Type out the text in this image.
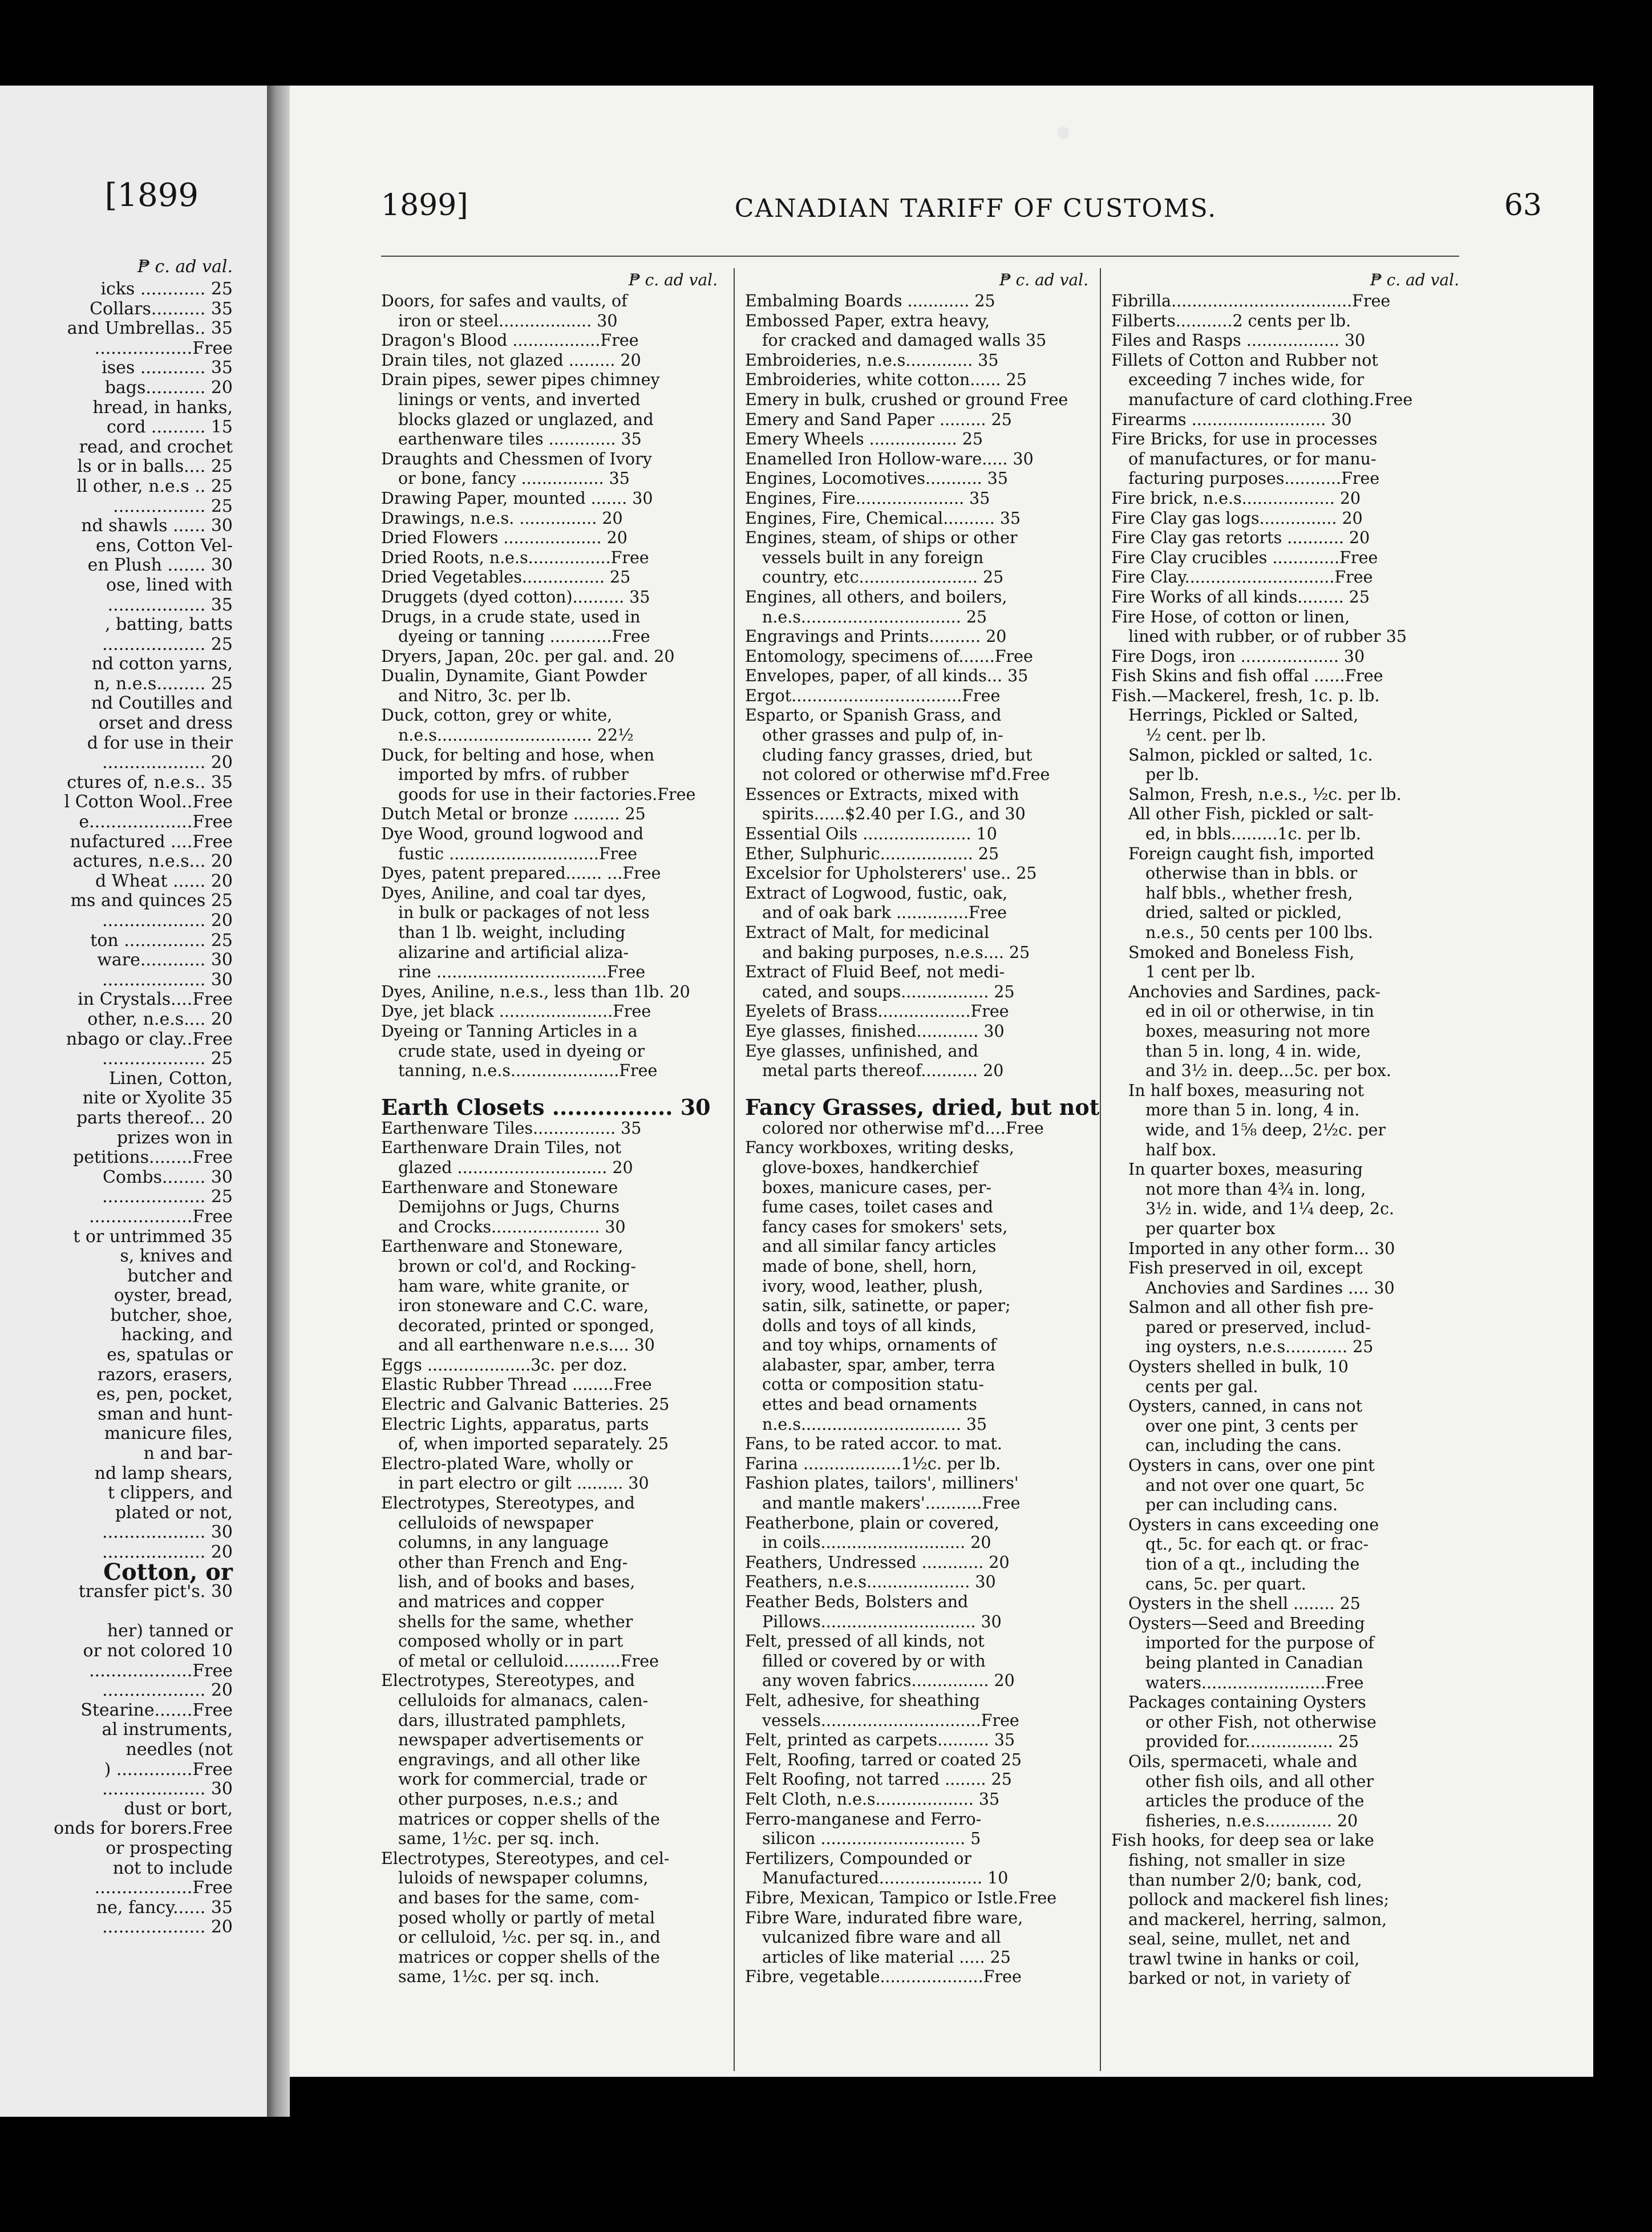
[1899
₱ c. ad val.
icks ............ 25
Collars.......... 35
and Umbrellas.. 35
..................Free
ises ............ 35
bags........... 20
hread, in hanks,
cord .......... 15
read, and crochet
ls or in balls.... 25
ll other, n.e.s .. 25
................. 25
nd shawls ...... 30
ens, Cotton Vel-
en Plush ....... 30
ose, lined with
.................. 35
, batting, batts
................... 25
nd cotton yarns,
n, n.e.s......... 25
nd Coutilles and
orset and dress
d for use in their
................... 20
ctures of, n.e.s.. 35
l Cotton Wool..Free
e...................Free
nufactured ....Free
actures, n.e.s... 20
d Wheat ...... 20
ms and quinces 25
................... 20
ton ............... 25
ware............ 30
................... 30
in Crystals....Free
other, n.e.s.... 20
nbago or clay..Free
................... 25
Linen, Cotton,
nite or Xyolite 35
parts thereof... 20
prizes won in
petitions........Free
Combs........ 30
................... 25
...................Free
t or untrimmed 35
s, knives and
butcher and
oyster, bread,
butcher, shoe,
hacking, and
es, spatulas or
razors, erasers,
es, pen, pocket,
sman and hunt-
manicure files,
n and bar-
nd lamp shears,
t clippers, and
plated or not,
................... 30
................... 20
Cotton, or
transfer pict's. 30

her) tanned or
or not colored 10
...................Free
................... 20
Stearine.......Free
al instruments,
needles (not
) ..............Free
................... 30
dust or bort,
onds for borers.Free
or prospecting
not to include
..................Free
ne, fancy...... 35
................... 20
1899]	CANADIAN TARIFF OF CUSTOMS.	63
₱ c. ad val.
Doors, for safes and vaults, of
iron or steel.................. 30
Dragon's Blood .................Free
Drain tiles, not glazed ......... 20
Drain pipes, sewer pipes chimney
linings or vents, and inverted
blocks glazed or unglazed, and
earthenware tiles ............. 35
Draughts and Chessmen of Ivory
or bone, fancy ................ 35
Drawing Paper, mounted ....... 30
Drawings, n.e.s. ............... 20
Dried Flowers ................... 20
Dried Roots, n.e.s................Free
Dried Vegetables................ 25
Druggets (dyed cotton).......... 35
Drugs, in a crude state, used in
dyeing or tanning ............Free
Dryers, Japan, 20c. per gal. and. 20
Dualin, Dynamite, Giant Powder
and Nitro, 3c. per lb.
Duck, cotton, grey or white,
n.e.s.............................. 22½
Duck, for belting and hose, when
imported by mfrs. of rubber
goods for use in their factories.Free
Dutch Metal or bronze ......... 25
Dye Wood, ground logwood and
fustic .............................Free
Dyes, patent prepared....... ...Free
Dyes, Aniline, and coal tar dyes,
in bulk or packages of not less
than 1 lb. weight, including
alizarine and artificial aliza-
rine .................................Free
Dyes, Aniline, n.e.s., less than 1lb. 20
Dye, jet black ......................Free
Dyeing or Tanning Articles in a
crude state, used in dyeing or
tanning, n.e.s.....................Free
Earth Closets ................ 30
Earthenware Tiles................ 35
Earthenware Drain Tiles, not
glazed ............................. 20
Earthenware and Stoneware
Demijohns or Jugs, Churns
and Crocks..................... 30
Earthenware and Stoneware,
brown or col'd, and Rocking-
ham ware, white granite, or
iron stoneware and C.C. ware,
decorated, printed or sponged,
and all earthenware n.e.s.... 30
Eggs ....................3c. per doz.
Elastic Rubber Thread ........Free
Electric and Galvanic Batteries. 25
Electric Lights, apparatus, parts
of, when imported separately. 25
Electro-plated Ware, wholly or
in part electro or gilt ......... 30
Electrotypes, Stereotypes, and
celluloids of newspaper
columns, in any language
other than French and Eng-
lish, and of books and bases,
and matrices and copper
shells for the same, whether
composed wholly or in part
of metal or celluloid...........Free
Electrotypes, Stereotypes, and
celluloids for almanacs, calen-
dars, illustrated pamphlets,
newspaper advertisements or
engravings, and all other like
work for commercial, trade or
other purposes, n.e.s.; and
matrices or copper shells of the
same, 1½c. per sq. inch.
Electrotypes, Stereotypes, and cel-
luloids of newspaper columns,
and bases for the same, com-
posed wholly or partly of metal
or celluloid, ½c. per sq. in., and
matrices or copper shells of the
same, 1½c. per sq. inch.
₱ c. ad val.
Embalming Boards ............ 25
Embossed Paper, extra heavy,
for cracked and damaged walls 35
Embroideries, n.e.s............. 35
Embroideries, white cotton...... 25
Emery in bulk, crushed or ground Free
Emery and Sand Paper ......... 25
Emery Wheels ................. 25
Enamelled Iron Hollow-ware..... 30
Engines, Locomotives........... 35
Engines, Fire..................... 35
Engines, Fire, Chemical.......... 35
Engines, steam, of ships or other
vessels built in any foreign
country, etc....................... 25
Engines, all others, and boilers,
n.e.s............................... 25
Engravings and Prints.......... 20
Entomology, specimens of.......Free
Envelopes, paper, of all kinds... 35
Ergot.................................Free
Esparto, or Spanish Grass, and
other grasses and pulp of, in-
cluding fancy grasses, dried, but
not colored or otherwise mf'd.Free
Essences or Extracts, mixed with
spirits......$2.40 per I.G., and 30
Essential Oils ..................... 10
Ether, Sulphuric.................. 25
Excelsior for Upholsterers' use.. 25
Extract of Logwood, fustic, oak,
and of oak bark ..............Free
Extract of Malt, for medicinal
and baking purposes, n.e.s.... 25
Extract of Fluid Beef, not medi-
cated, and soups................. 25
Eyelets of Brass..................Free
Eye glasses, finished............ 30
Eye glasses, unfinished, and
metal parts thereof........... 20
Fancy Grasses, dried, but not
colored nor otherwise mf'd....Free
Fancy workboxes, writing desks,
glove-boxes, handkerchief
boxes, manicure cases, per-
fume cases, toilet cases and
fancy cases for smokers' sets,
and all similar fancy articles
made of bone, shell, horn,
ivory, wood, leather, plush,
satin, silk, satinette, or paper;
dolls and toys of all kinds,
and toy whips, ornaments of
alabaster, spar, amber, terra
cotta or composition statu-
ettes and bead ornaments
n.e.s............................... 35
Fans, to be rated accor. to mat.
Farina ...................1½c. per lb.
Fashion plates, tailors', milliners'
and mantle makers'...........Free
Featherbone, plain or covered,
in coils............................ 20
Feathers, Undressed ............ 20
Feathers, n.e.s.................... 30
Feather Beds, Bolsters and
Pillows.............................. 30
Felt, pressed of all kinds, not
filled or covered by or with
any woven fabrics............... 20
Felt, adhesive, for sheathing
vessels...............................Free
Felt, printed as carpets.......... 35
Felt, Roofing, tarred or coated 25
Felt Roofing, not tarred ........ 25
Felt Cloth, n.e.s................... 35
Ferro-manganese and Ferro-
silicon ............................ 5
Fertilizers, Compounded or
Manufactured.................... 10
Fibre, Mexican, Tampico or Istle.Free
Fibre Ware, indurated fibre ware,
vulcanized fibre ware and all
articles of like material ..... 25
Fibre, vegetable....................Free
₱ c. ad val.
Fibrilla...................................Free
Filberts...........2 cents per lb.
Files and Rasps .................. 30
Fillets of Cotton and Rubber not
exceeding 7 inches wide, for
manufacture of card clothing.Free
Firearms .......................... 30
Fire Bricks, for use in processes
of manufactures, or for manu-
facturing purposes...........Free
Fire brick, n.e.s.................. 20
Fire Clay gas logs............... 20
Fire Clay gas retorts ........... 20
Fire Clay crucibles .............Free
Fire Clay.............................Free
Fire Works of all kinds......... 25
Fire Hose, of cotton or linen,
lined with rubber, or of rubber 35
Fire Dogs, iron ................... 30
Fish Skins and fish offal ......Free
Fish.—Mackerel, fresh, 1c. p. lb.
Herrings, Pickled or Salted,
½ cent. per lb.
Salmon, pickled or salted, 1c.
per lb.
Salmon, Fresh, n.e.s., ½c. per lb.
All other Fish, pickled or salt-
ed, in bbls.........1c. per lb.
Foreign caught fish, imported
otherwise than in bbls. or
half bbls., whether fresh,
dried, salted or pickled,
n.e.s., 50 cents per 100 lbs.
Smoked and Boneless Fish,
1 cent per lb.
Anchovies and Sardines, pack-
ed in oil or otherwise, in tin
boxes, measuring not more
than 5 in. long, 4 in. wide,
and 3½ in. deep...5c. per box.
In half boxes, measuring not
more than 5 in. long, 4 in.
wide, and 1⅝ deep, 2½c. per
half box.
In quarter boxes, measuring
not more than 4¾ in. long,
3½ in. wide, and 1¼ deep, 2c.
per quarter box
Imported in any other form... 30
Fish preserved in oil, except
Anchovies and Sardines .... 30
Salmon and all other fish pre-
pared or preserved, includ-
ing oysters, n.e.s............ 25
Oysters shelled in bulk, 10
cents per gal.
Oysters, canned, in cans not
over one pint, 3 cents per
can, including the cans.
Oysters in cans, over one pint
and not over one quart, 5c
per can including cans.
Oysters in cans exceeding one
qt., 5c. for each qt. or frac-
tion of a qt., including the
cans, 5c. per quart.
Oysters in the shell ........ 25
Oysters—Seed and Breeding
imported for the purpose of
being planted in Canadian
waters........................Free
Packages containing Oysters
or other Fish, not otherwise
provided for................. 25
Oils, spermaceti, whale and
other fish oils, and all other
articles the produce of the
fisheries, n.e.s............. 20
Fish hooks, for deep sea or lake
fishing, not smaller in size
than number 2/0; bank, cod,
pollock and mackerel fish lines;
and mackerel, herring, salmon,
seal, seine, mullet, net and
trawl twine in hanks or coil,
barked or not, in variety of
